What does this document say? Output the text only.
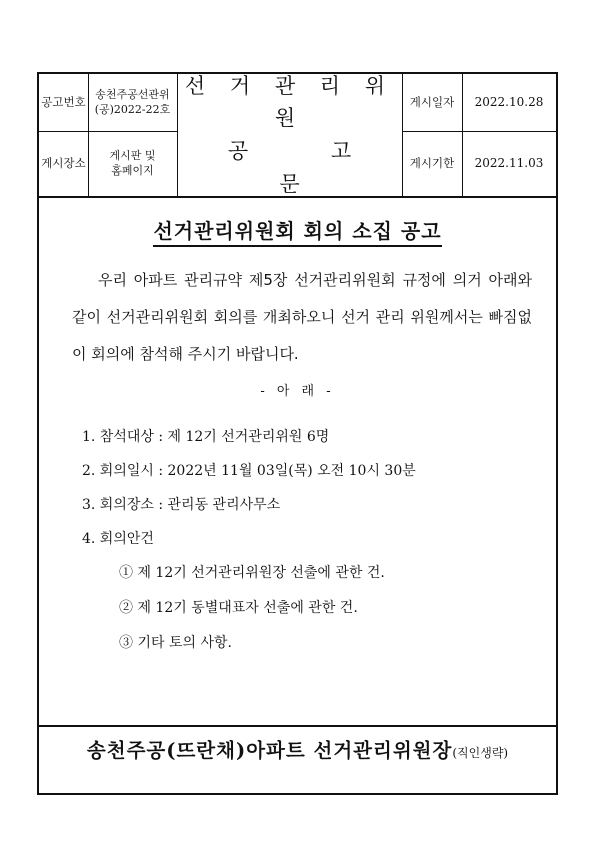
공고번호
송천주공선관위
(공)2022-22호
게시장소
게시판 및
홈페이지
선 거 관 리 위 원
공 고 문
게시일자	2022.10.28
게시기한	2022.11.03
선거관리위원회 회의 소집 공고
우리 아파트 관리규약 제5장 선거관리위원회 규정에 의거 아래와 같이 선거관리위원회 회의를 개최하오니 선거 관리 위원께서는 빠짐없이 회의에 참석해 주시기 바랍니다.
- 아 래 -
1. 참석대상 : 제 12기 선거관리위원 6명
2. 회의일시 : 2022년 11월 03일(목) 오전 10시 30분
3. 회의장소 : 관리동 관리사무소
4. 회의안건
① 제 12기 선거관리위원장 선출에 관한 건.
② 제 12기 동별대표자 선출에 관한 건.
③ 기타 토의 사항.
송천주공(뜨란채)아파트 선거관리위원장(직인생략)
